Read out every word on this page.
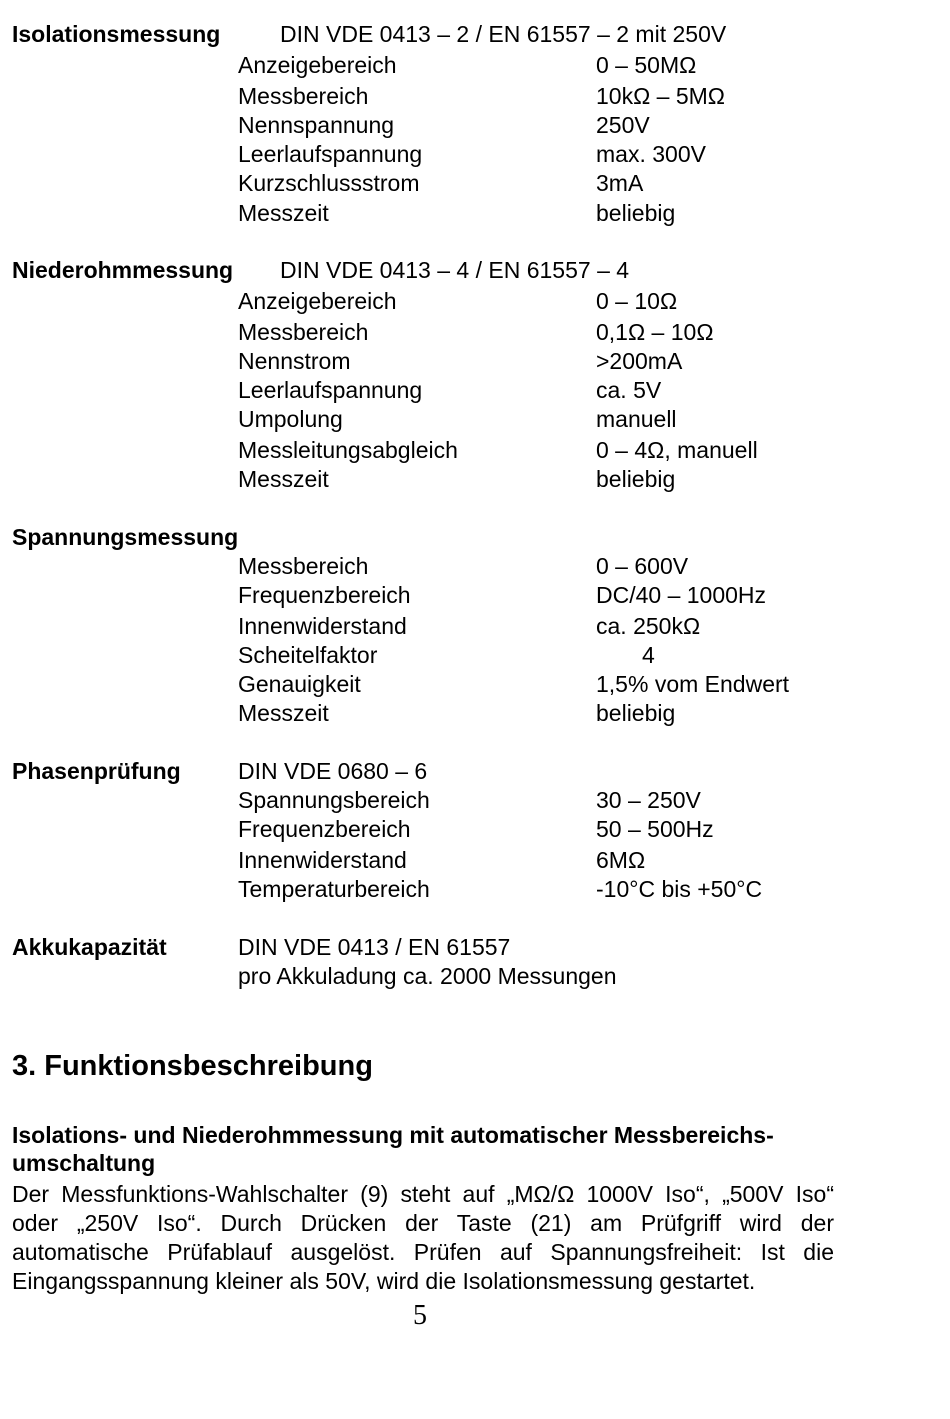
Isolationsmessung	DIN VDE 0413 – 2 / EN 61557 – 2 mit 250V
Anzeigebereich	0 – 50MΩ
Messbereich	10kΩ – 5MΩ
Nennspannung	250V
Leerlaufspannung	max. 300V
Kurzschlussstrom	3mA
Messzeit	beliebig
Niederohmmessung DIN VDE 0413 – 4 / EN 61557 – 4
Anzeigebereich	0 – 10Ω
Messbereich	0,1Ω – 10Ω
Nennstrom	>200mA
Leerlaufspannung	ca. 5V
Umpolung	manuell
Messleitungsabgleich	0 – 4Ω, manuell
Messzeit	beliebig
Spannungsmessung
Messbereich	0 – 600V
Frequenzbereich	DC/40 – 1000Hz
Innenwiderstand	ca. 250kΩ
Scheitelfaktor	4
Genauigkeit	1,5% vom Endwert
Messzeit	beliebig
Phasenprüfung DIN VDE 0680 – 6
Spannungsbereich	30 – 250V
Frequenzbereich	50 – 500Hz
Innenwiderstand	6MΩ
Temperaturbereich	-10°C bis +50°C
Akkukapazität	DIN VDE 0413 / EN 61557
pro Akkuladung ca. 2000 Messungen
3. Funktionsbeschreibung
Isolations- und Niederohmmessung mit automatischer Messbereichs-umschaltung
Der Messfunktions-Wahlschalter (9) steht auf „MΩ/Ω 1000V Iso“, „500V Iso“ oder „250V Iso“. Durch Drücken der Taste (21) am Prüfgriff wird der automatische Prüfablauf ausgelöst. Prüfen auf Spannungsfreiheit: Ist die Eingangsspannung kleiner als 50V, wird die Isolationsmessung gestartet.
5
